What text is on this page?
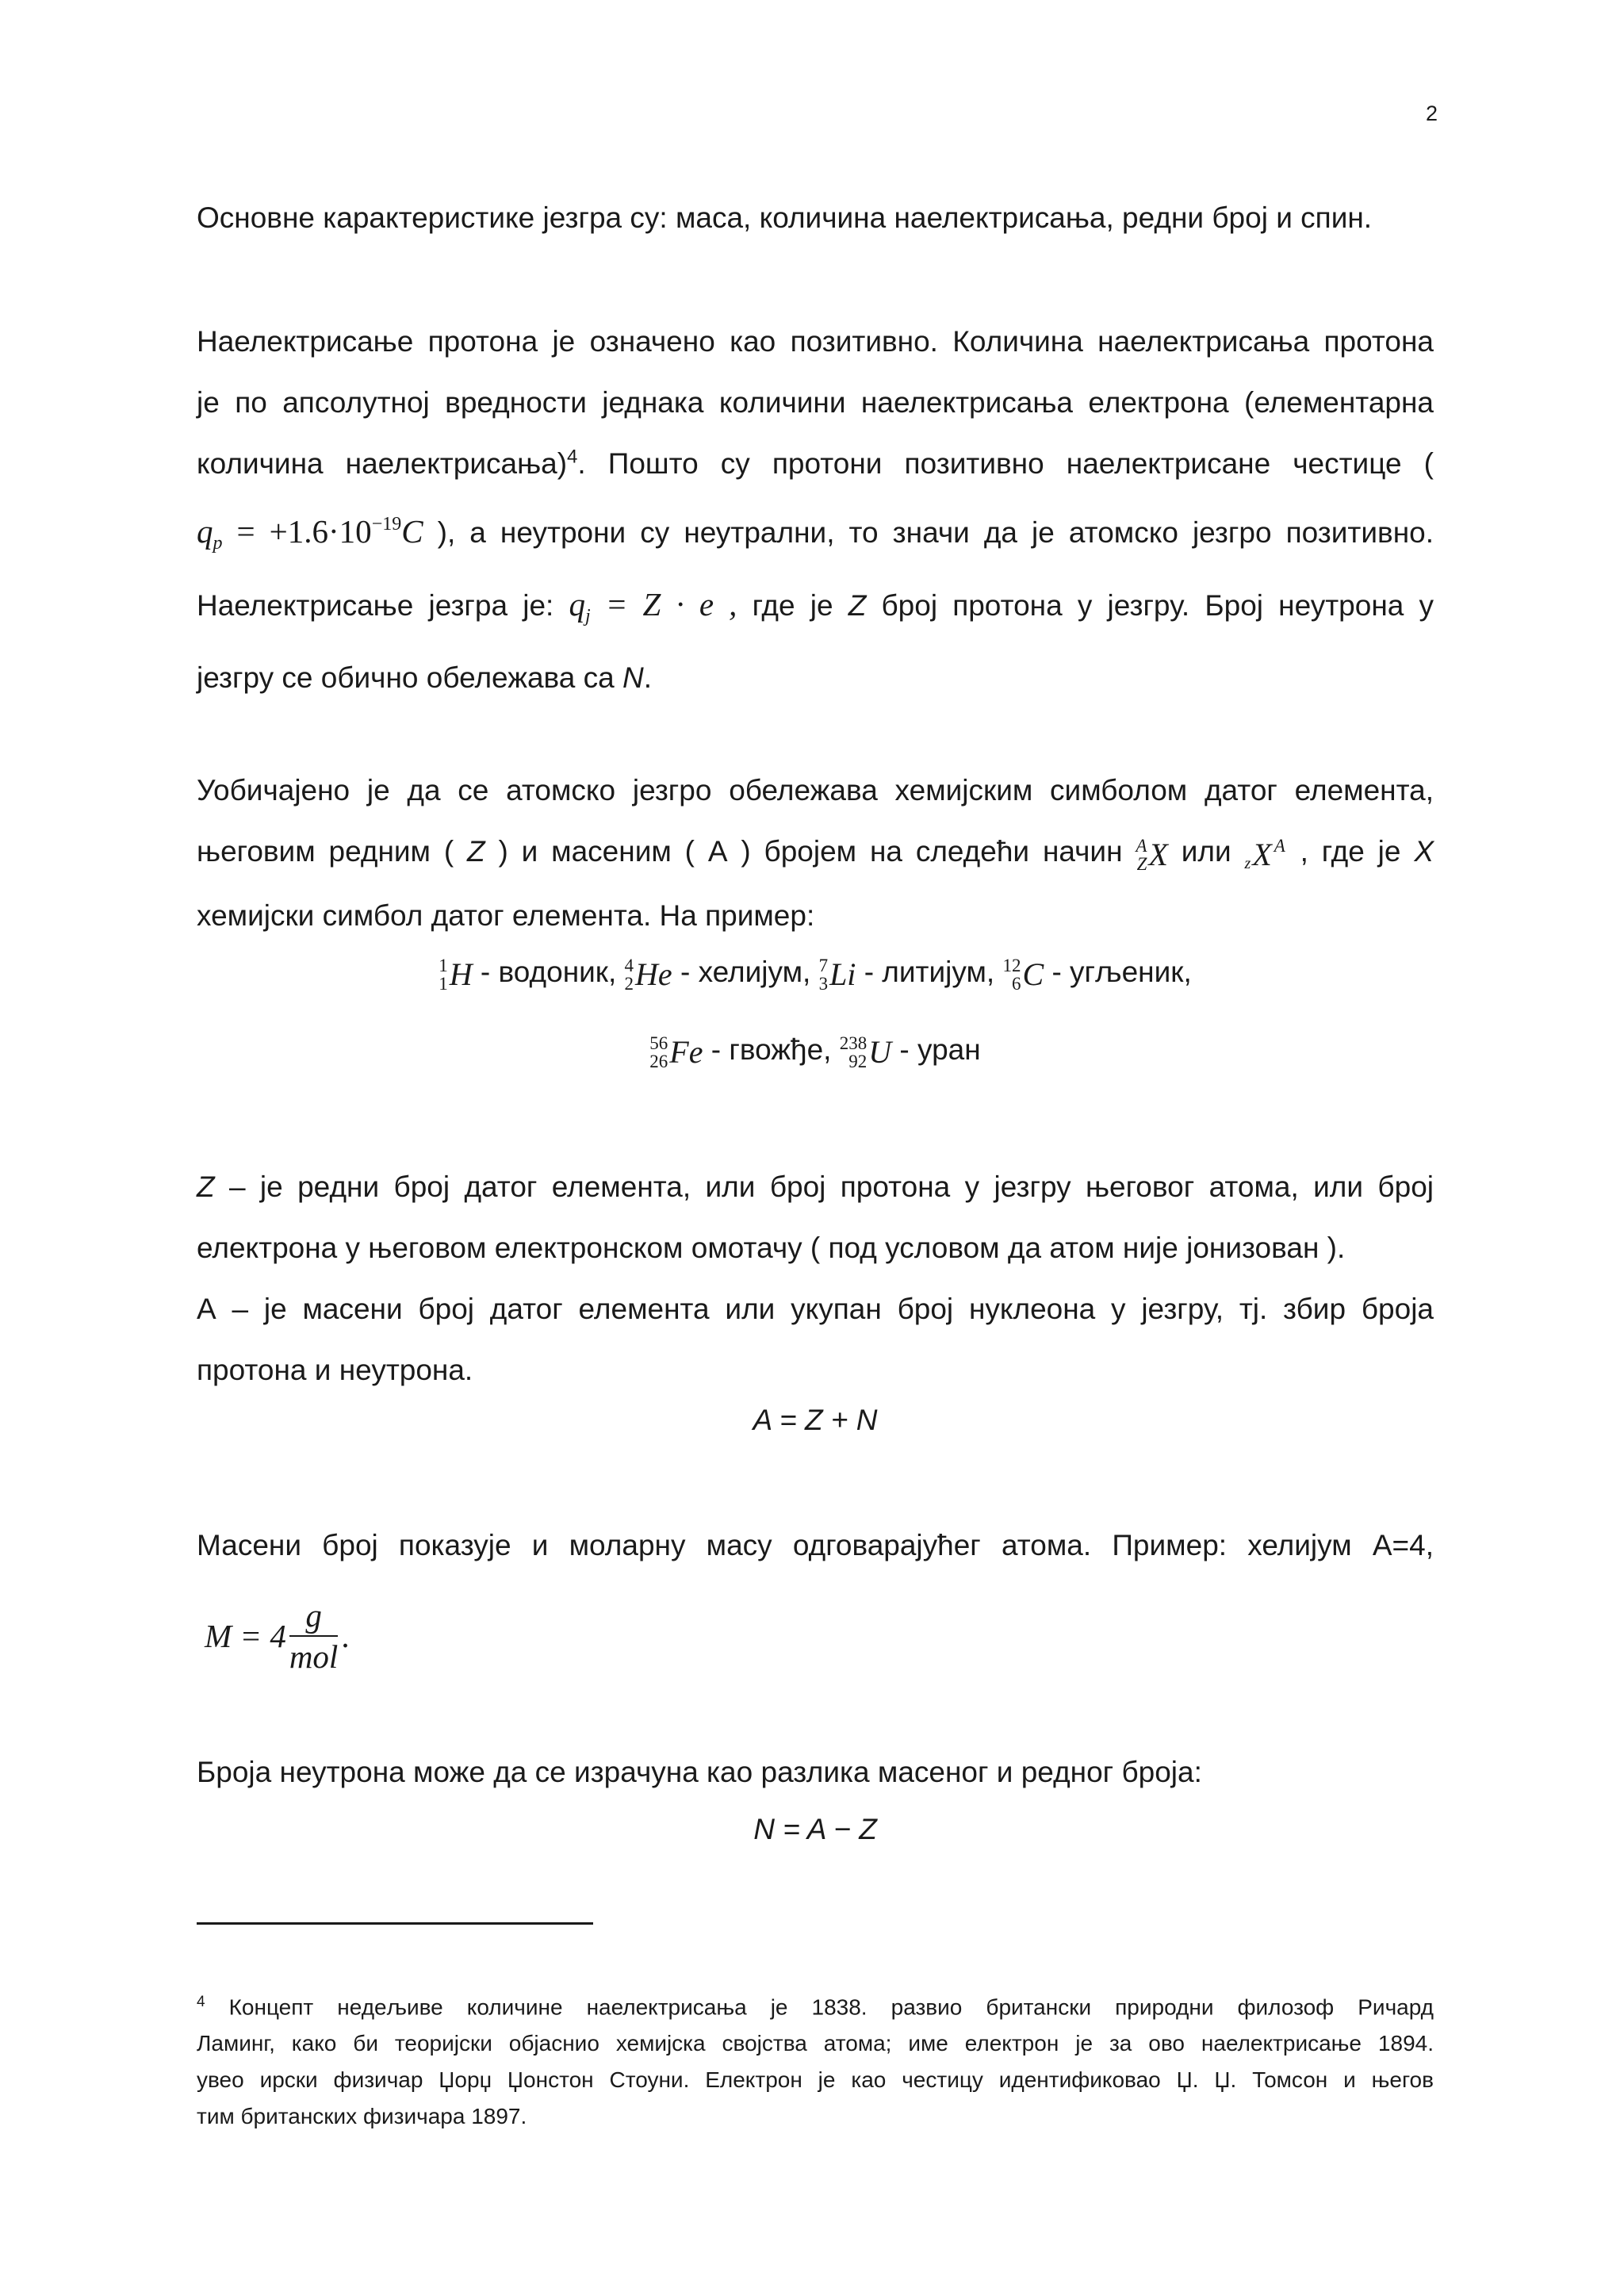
2
Основне карактеристике језгра су: маса, количина наелектрисања, редни број и спин.
Наелектрисање протона је означено као позитивно. Количина наелектрисања протона
је по апсолутној вредности једнака количини наелектрисања електрона (елементарна
количина наелектрисања)$^4$. Пошто су протони позитивно наелектрисане честице (
$q_p = +1.6\cdot 10^{-19}C$ ), а неутрони су неутрални, то значи да је атомско језгро позитивно.
Наелектрисање језгра је: $q_j = Z \cdot e$ , где је Z број протона у језгру. Број неутрона у
језгру се обично обележава са N.
Уобичајено је да се атомско језгро обележава хемијским симболом датог елемента,
његовим редним ( Z ) и масеним ( А ) бројем на следећи начин A
Z X или z X A , где је X
хемијски симбол датог елемента. На пример:
1
1 H - водоник, 4
2 He - хелијум, 7
3 Li - литијум, 12
6 C - угљеник,
56
26 Fe - гвожђе, 238
92 U - уран
Z – је редни број датог елемента, или број протона у језгру његовог атома, или број
електрона у његовом електронском омотачу ( под условом да атом није јонизован ).
А – је масени број датог елемента или укупан број нуклеона у језгру, тј. збир броја
протона и неутрона.
A = Z + N
Масени број показује и моларну масу одговарајућег атома. Пример: хелијум А=4,
$M = 4 \frac{g}{\text{mol}}$ .
Броја неутрона може да се израчуна као разлика масеног и редног броја:
N = A − Z
$^4$ Концепт недељиве количине наелектрисања је 1838. развио британски природни филозоф Ричард
Ламинг, како би теоријски објаснио хемијска својства атома; име електрон је за ово наелектрисање 1894.
увео ирски физичар Џорџ Џонстон Стоуни. Електрон је као честицу идентификовао Џ. Џ. Томсон и његов
тим британских физичара 1897.
